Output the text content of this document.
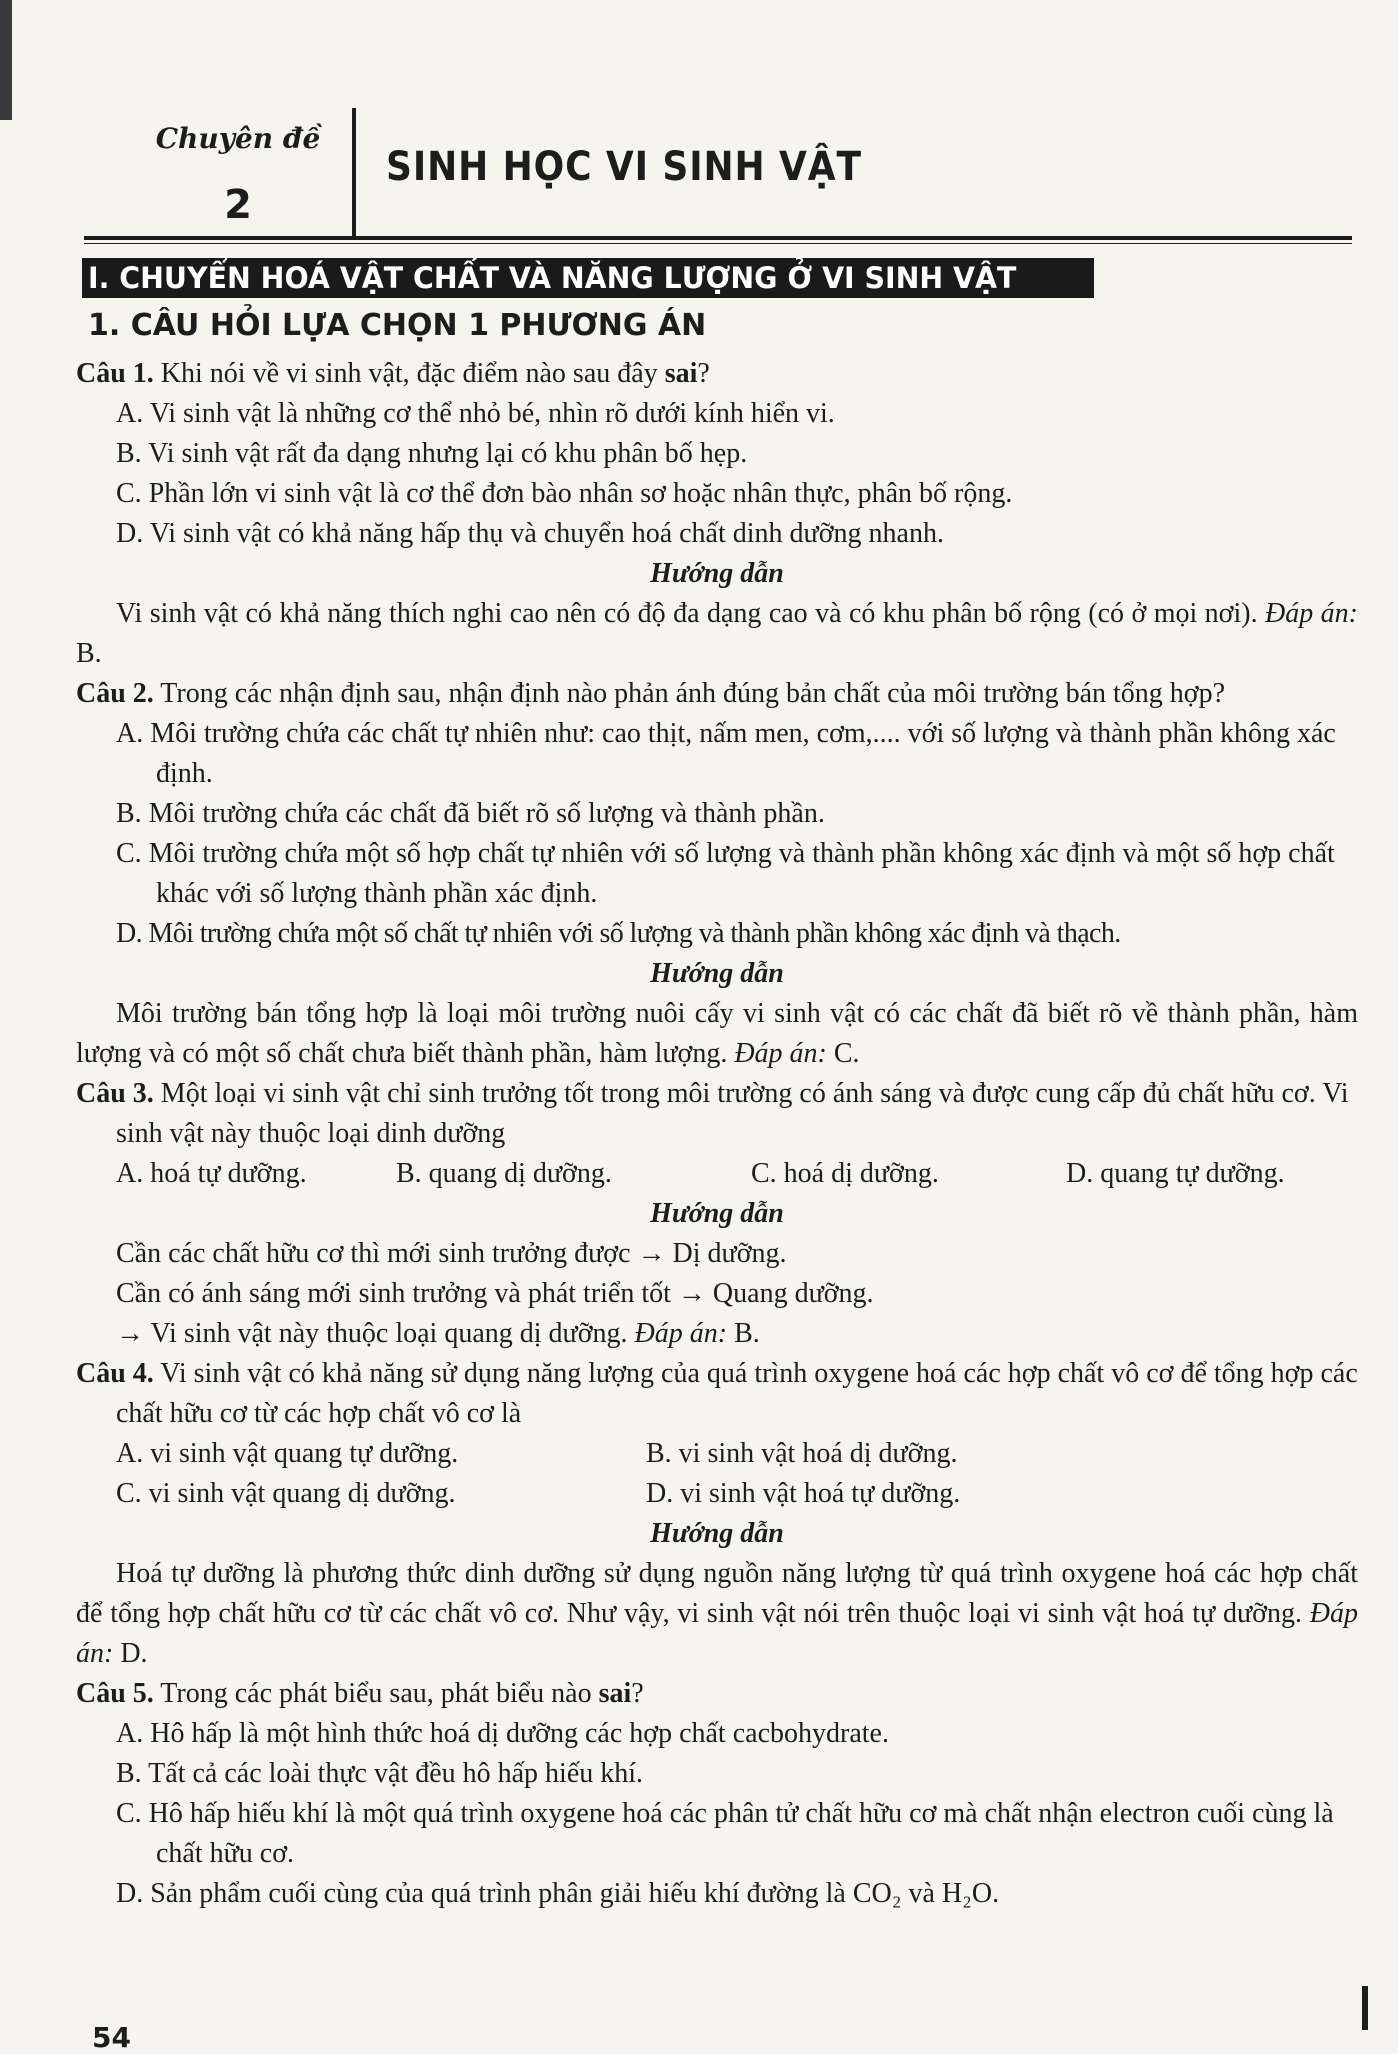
Chuyên đề
2
SINH HỌC VI SINH VẬT
I. CHUYỂN HOÁ VẬT CHẤT VÀ NĂNG LƯỢNG Ở VI SINH VẬT
1. CÂU HỎI LỰA CHỌN 1 PHƯƠNG ÁN

Câu 1. Khi nói về vi sinh vật, đặc điểm nào sau đây sai?

A. Vi sinh vật là những cơ thể nhỏ bé, nhìn rõ dưới kính hiển vi.

B. Vi sinh vật rất đa dạng nhưng lại có khu phân bố hẹp.

C. Phần lớn vi sinh vật là cơ thể đơn bào nhân sơ hoặc nhân thực, phân bố rộng.

D. Vi sinh vật có khả năng hấp thụ và chuyển hoá chất dinh dưỡng nhanh.

Hướng dẫn

Vi sinh vật có khả năng thích nghi cao nên có độ đa dạng cao và có khu phân bố rộng (có ở mọi nơi). Đáp án: B.

Câu 2. Trong các nhận định sau, nhận định nào phản ánh đúng bản chất của môi trường bán tổng hợp?

A. Môi trường chứa các chất tự nhiên như: cao thịt, nấm men, cơm,.... với số lượng và thành phần không xác định.

B. Môi trường chứa các chất đã biết rõ số lượng và thành phần.

C. Môi trường chứa một số hợp chất tự nhiên với số lượng và thành phần không xác định và một số hợp chất khác với số lượng thành phần xác định.

D. Môi trường chứa một số chất tự nhiên với số lượng và thành phần không xác định và thạch.

Hướng dẫn

Môi trường bán tổng hợp là loại môi trường nuôi cấy vi sinh vật có các chất đã biết rõ về thành phần, hàm lượng và có một số chất chưa biết thành phần, hàm lượng. Đáp án: C.

Câu 3. Một loại vi sinh vật chỉ sinh trưởng tốt trong môi trường có ánh sáng và được cung cấp đủ chất hữu cơ. Vi sinh vật này thuộc loại dinh dưỡng

A. hoá tự dưỡng.	B. quang dị dưỡng.	C. hoá dị dưỡng.	D. quang tự dưỡng.

Hướng dẫn

Cần các chất hữu cơ thì mới sinh trưởng được → Dị dưỡng.

Cần có ánh sáng mới sinh trưởng và phát triển tốt → Quang dưỡng.

→ Vi sinh vật này thuộc loại quang dị dưỡng. Đáp án: B.

Câu 4. Vi sinh vật có khả năng sử dụng năng lượng của quá trình oxygene hoá các hợp chất vô cơ để tổng hợp các chất hữu cơ từ các hợp chất vô cơ là

A. vi sinh vật quang tự dưỡng.	B. vi sinh vật hoá dị dưỡng.
C. vi sinh vật quang dị dưỡng.	D. vi sinh vật hoá tự dưỡng.

Hướng dẫn

Hoá tự dưỡng là phương thức dinh dưỡng sử dụng nguồn năng lượng từ quá trình oxygene hoá các hợp chất để tổng hợp chất hữu cơ từ các chất vô cơ. Như vậy, vi sinh vật nói trên thuộc loại vi sinh vật hoá tự dưỡng. Đáp án: D.

Câu 5. Trong các phát biểu sau, phát biểu nào sai?

A. Hô hấp là một hình thức hoá dị dưỡng các hợp chất cacbohydrate.

B. Tất cả các loài thực vật đều hô hấp hiếu khí.

C. Hô hấp hiếu khí là một quá trình oxygene hoá các phân tử chất hữu cơ mà chất nhận electron cuối cùng là chất hữu cơ.

D. Sản phẩm cuối cùng của quá trình phân giải hiếu khí đường là CO₂ và H₂O.

54
